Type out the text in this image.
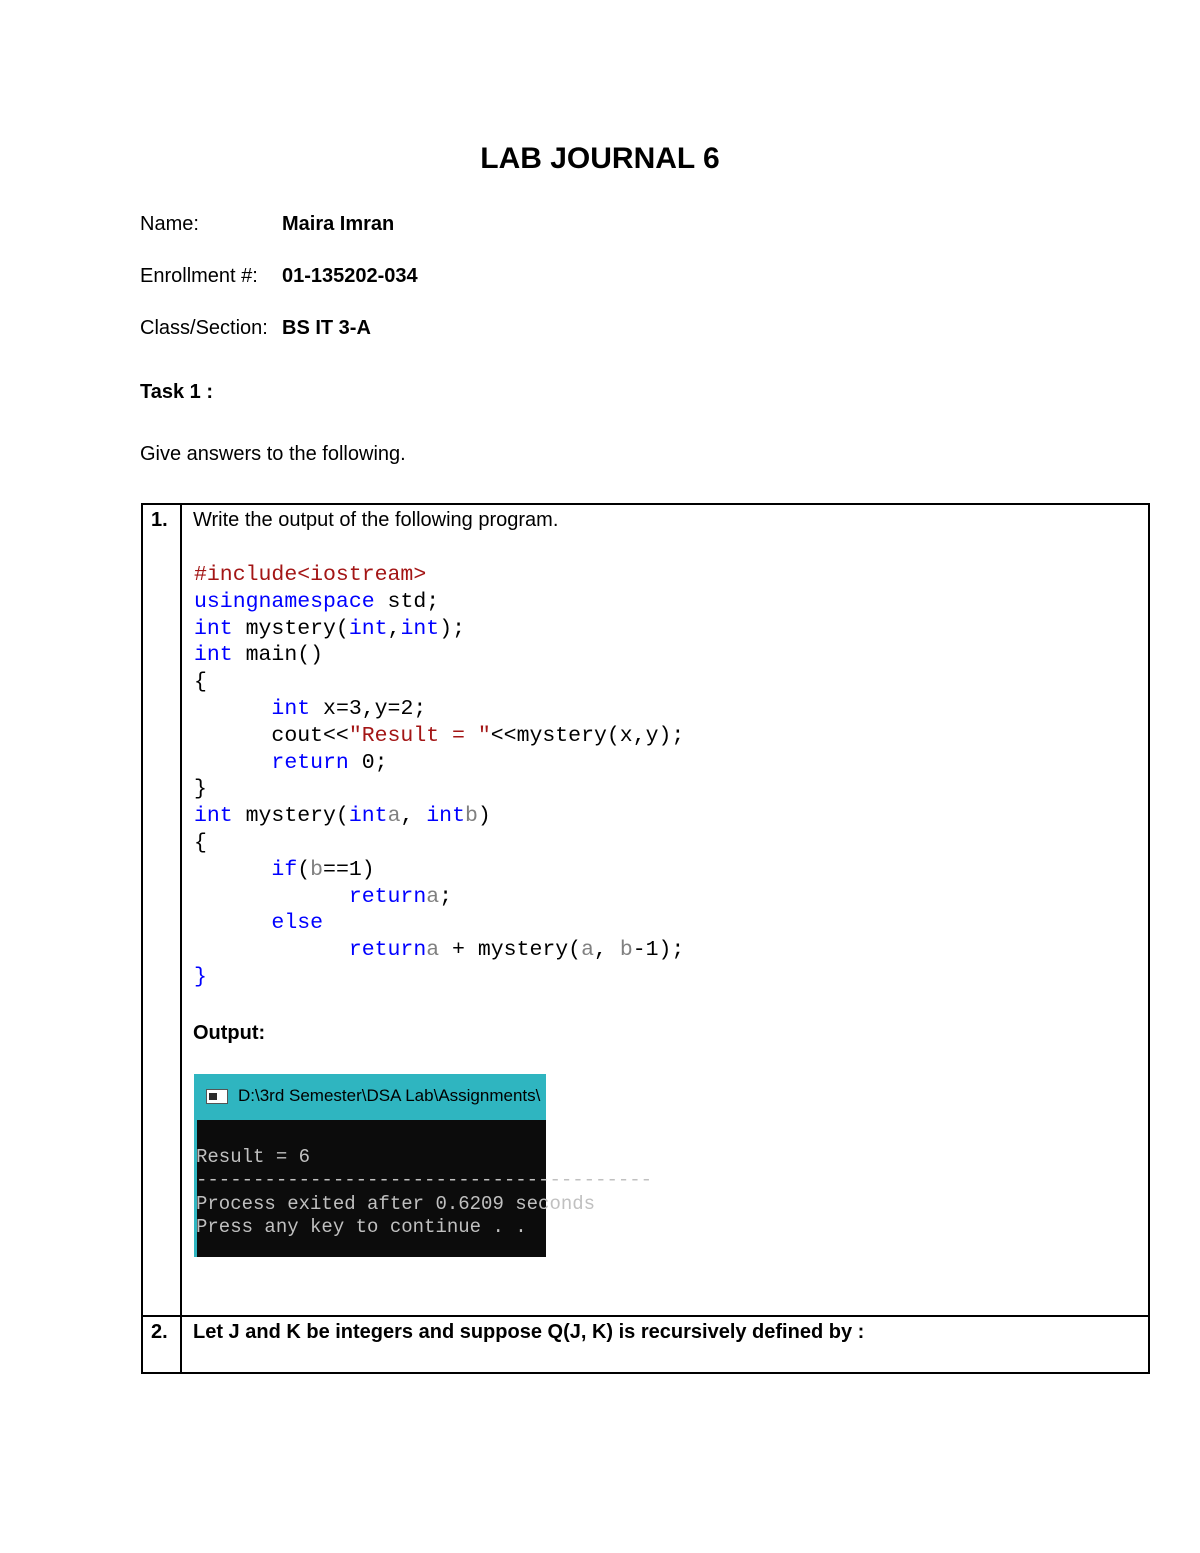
LAB JOURNAL 6
Name:	Maira Imran
Enrollment #: 01-135202-034
Class/Section: BS IT 3-A
Task 1 :
Give answers to the following.
1. Write the output of the following program.
#include<iostream>
usingnamespace std;
int mystery(int,int);
int main()
{
int x=3,y=2;
cout<<"Result = "<<mystery(x,y);
return 0;
}
int mystery(inta, intb)
{
if(b==1)
returna;
else
returna + mystery(a, b-1);
}
Output:
D:\3rd Semester\DSA Lab\Assignments\

Result = 6
----------------------------------------
Process exited after 0.6209 seconds
Press any key to continue . .
2. Let J and K be integers and suppose Q(J, K) is recursively defined by :
